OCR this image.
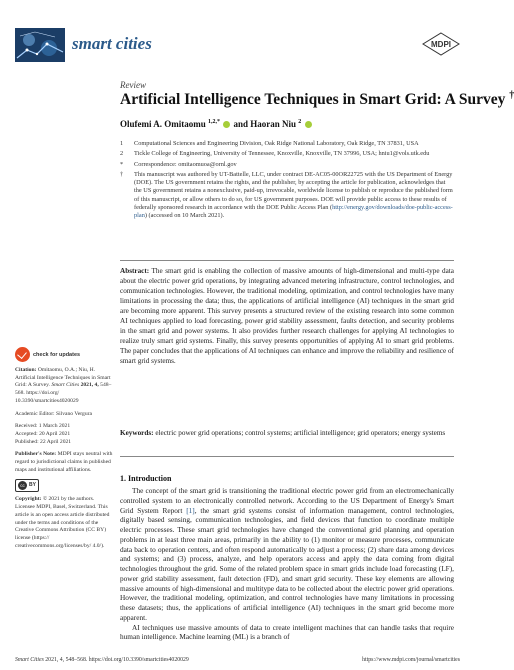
smart cities	MDPI
Review
Artificial Intelligence Techniques in Smart Grid: A Survey †
Olufemi A. Omitaomu $^{1,2,*}$ and Haoran Niu $^2$
1	Computational Sciences and Engineering Division, Oak Ridge National Laboratory, Oak Ridge, TN 37831, USA
2	Tickle College of Engineering, University of Tennessee, Knoxville, Knoxville, TN 37996, USA; hniu1@vols.utk.edu
*	Correspondence: omitaomuoa@ornl.gov
†	This manuscript was authored by UT-Battelle, LLC, under contract DE-AC05-00OR22725 with the US Department of Energy (DOE). The US government retains the rights, and the publisher, by accepting the article for publication, acknowledges that the US government retains a nonexclusive, paid-up, irrevocable, worldwide license to publish or reproduce the published form of this manuscript, or allow others to do so, for US government purposes. DOE will provide public access to these results of federally sponsored research in accordance with the DOE Public Access Plan (http://energy.gov/downloads/doe-public-access-plan) (accessed on 10 March 2021).
Abstract: The smart grid is enabling the collection of massive amounts of high-dimensional and multi-type data about the electric power grid operations, by integrating advanced metering infrastructure, control technologies, and communication technologies. However, the traditional modeling, optimization, and control technologies have many limitations in processing the data; thus, the applications of artificial intelligence (AI) techniques in the smart grid are becoming more apparent. This survey presents a structured review of the existing research into some common AI techniques applied to load forecasting, power grid stability assessment, faults detection, and security problems in the smart grid and power systems. It also provides further research challenges for applying AI technologies to realize truly smart grid systems. Finally, this survey presents opportunities of applying AI to smart grid problems. The paper concludes that the applications of AI techniques can enhance and improve the reliability and resilience of smart grid systems.
Keywords: electric power grid operations; control systems; artificial intelligence; grid operators; energy systems
check for updates
Citation: Omitaomu, O.A.; Niu, H. Artificial Intelligence Techniques in Smart Grid: A Survey. Smart Cities 2021, 4, 548–568. https://doi.org/ 10.3390/smartcities4020029
Academic Editor: Silvano Vergura
Received: 1 March 2021
Accepted: 20 April 2021
Published: 22 April 2021
Publisher's Note: MDPI stays neutral with regard to jurisdictional claims in published maps and institutional affiliations.
cc BY
Copyright: © 2021 by the authors. Licensee MDPI, Basel, Switzerland. This article is an open access article distributed under the terms and conditions of the Creative Commons Attribution (CC BY) license (https:// creativecommons.org/licenses/by/ 4.0/).
1. Introduction

The concept of the smart grid is transitioning the traditional electric power grid from an electromechanically controlled system to an electronically controlled network. According to the US Department of Energy's Smart Grid System Report [1], the smart grid systems consist of information management, control technologies, digitally based sensing, communication technologies, and field devices that function to coordinate multiple electric processes. These smart grid technologies have changed the conventional grid planning and operation problems in at least three main areas, primarily in the ability to (1) monitor or measure processes, communicate data back to operation centers, and often respond automatically to adjust a process; (2) share data among devices and systems; and (3) process, analyze, and help operators access and apply the data coming from digital technologies throughout the grid. Some of the related problem space in smart grids include load forecasting (LF), power grid stability assessment, fault detection (FD), and smart grid security. These key elements are allowing massive amounts of high-dimensional and multitype data to be collected about the electric power grid operations. However, the traditional modeling, optimization, and control technologies have many limitations in processing these datasets; thus, the applications of artificial intelligence (AI) techniques in the smart grid become more apparent.

AI techniques use massive amounts of data to create intelligent machines that can handle tasks that require human intelligence. Machine learning (ML) is a branch of

Smart Cities 2021, 4, 548–568. https://doi.org/10.3390/smartcities4020029	https://www.mdpi.com/journal/smartcities
